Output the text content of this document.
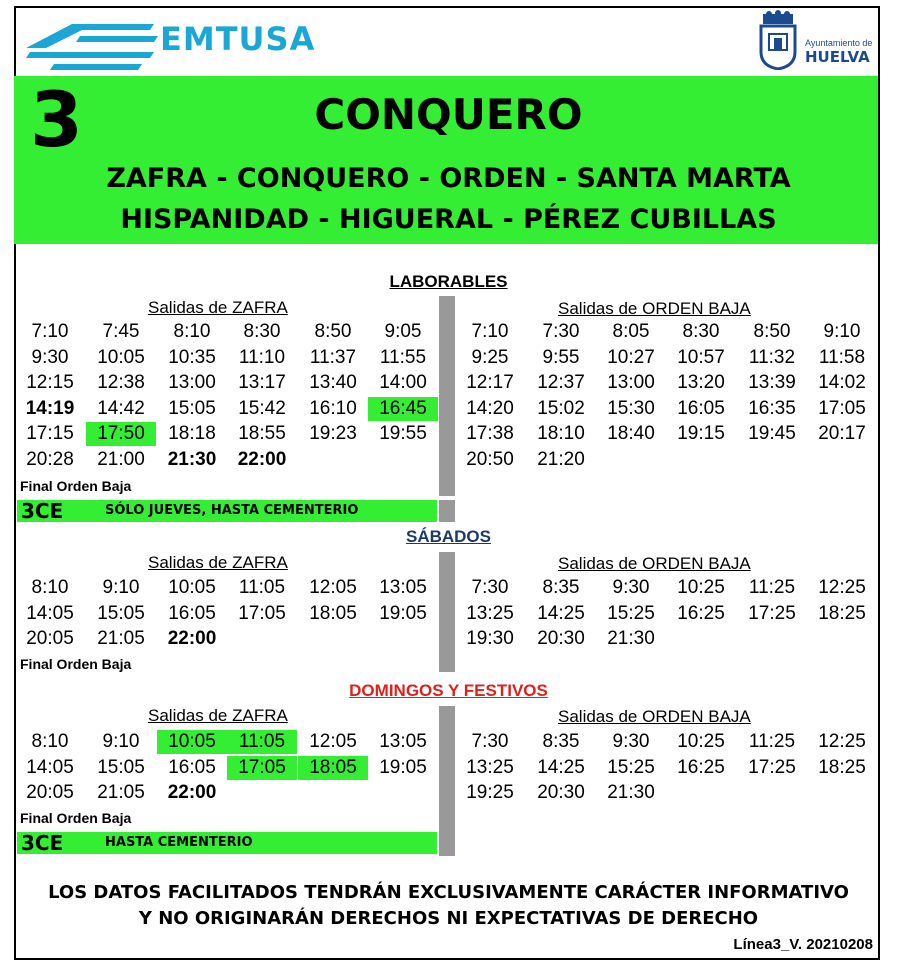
EMTUSA	Ayuntamiento de
HUELVA
3	CONQUERO
ZAFRA - CONQUERO - ORDEN - SANTA MARTA
HISPANIDAD - HIGUERAL - PÉREZ CUBILLAS
LABORABLES
SÁBADOS
DOMINGOS Y FESTIVOS
Salidas de ZAFRA	Salidas de ORDEN BAJA
Salidas de ZAFRA	Salidas de ORDEN BAJA
Salidas de ZAFRA	Salidas de ORDEN BAJA
7:10	7:45	8:10	8:30	8:50	9:05
9:30	10:05	10:35	11:10	11:37	11:55
12:15	12:38	13:00	13:17	13:40	14:00
14:19	14:42	15:05	15:42	16:10	16:45
17:15	17:50	18:18	18:55	19:23	19:55
20:28	21:00	21:30	22:00
7:10	7:30	8:05	8:30	8:50	9:10
9:25	9:55	10:27	10:57	11:32	11:58
12:17	12:37	13:00	13:20	13:39	14:02
14:20	15:02	15:30	16:05	16:35	17:05
17:38	18:10	18:40	19:15	19:45	20:17
20:50	21:20
8:10	9:10	10:05	11:05	12:05	13:05
14:05	15:05	16:05	17:05	18:05	19:05
20:05	21:05	22:00
7:30	8:35	9:30	10:25	11:25	12:25
13:25	14:25	15:25	16:25	17:25	18:25
19:30	20:30	21:30
8:10	9:10	10:05	11:05	12:05	13:05
14:05	15:05	16:05	17:05	18:05	19:05
20:05	21:05	22:00
7:30	8:35	9:30	10:25	11:25	12:25
13:25	14:25	15:25	16:25	17:25	18:25
19:25	20:30	21:30
Final Orden Baja
3CE	SÓLO JUEVES, HASTA CEMENTERIO
Final Orden Baja
Final Orden Baja
3CE	HASTA CEMENTERIO
LOS DATOS FACILITADOS TENDRÁN EXCLUSIVAMENTE CARÁCTER INFORMATIVO
Y NO ORIGINARÁN DERECHOS NI EXPECTATIVAS DE DERECHO
Línea3_V. 20210208
